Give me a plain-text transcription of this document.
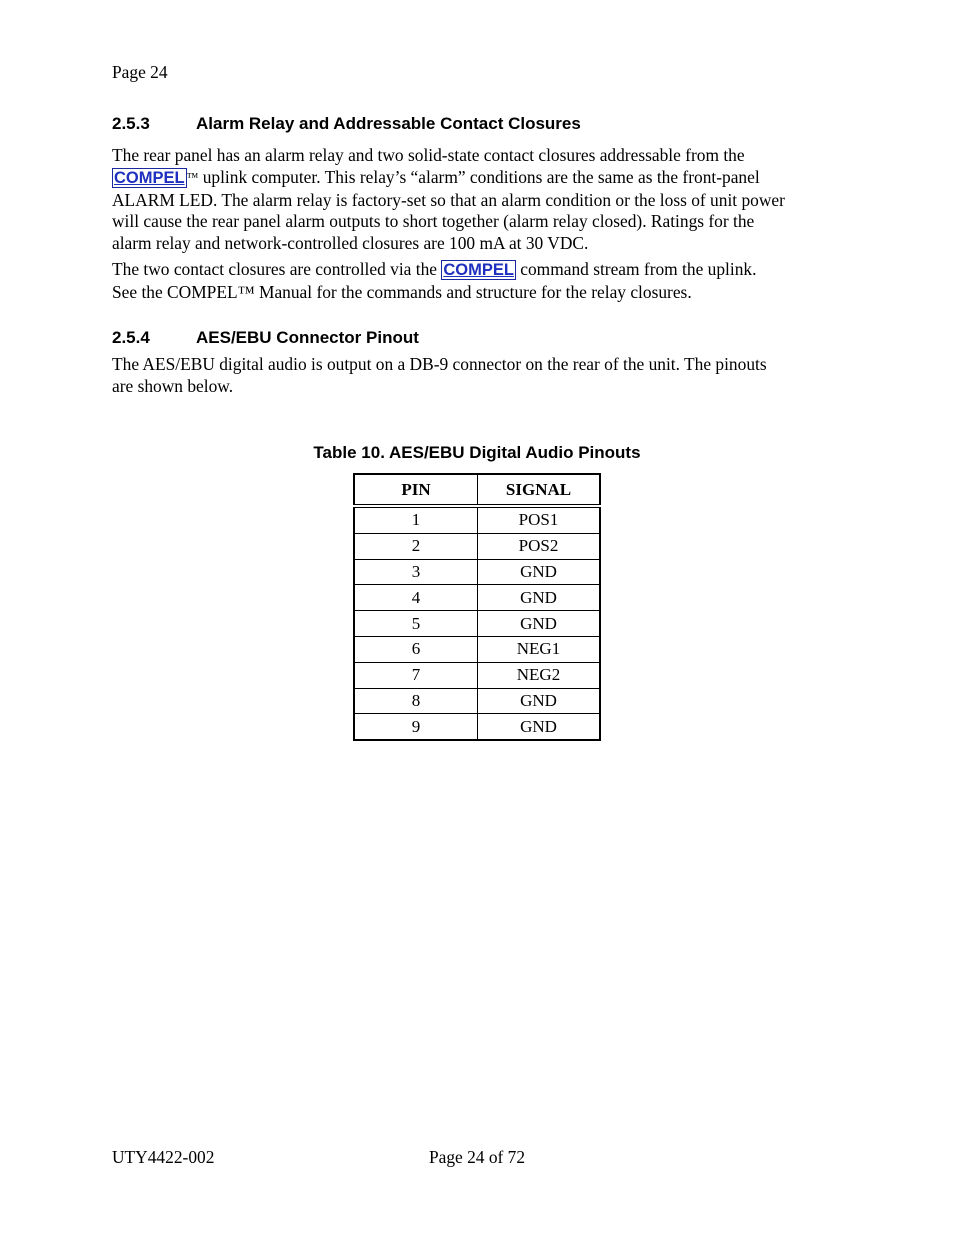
Page 24
2.5.3	Alarm Relay and Addressable Contact Closures
The rear panel has an alarm relay and two solid-state contact closures addressable from the
COMPEL ™ uplink computer. This relay’s “alarm” conditions are the same as the front-panel
ALARM LED. The alarm relay is factory-set so that an alarm condition or the loss of unit power
will cause the rear panel alarm outputs to short together (alarm relay closed). Ratings for the
alarm relay and network-controlled closures are 100 mA at 30 VDC.
The two contact closures are controlled via the COMPEL command stream from the uplink.
See the COMPEL™ Manual for the commands and structure for the relay closures.
2.5.4	AES/EBU Connector Pinout
The AES/EBU digital audio is output on a DB-9 connector on the rear of the unit. The pinouts
are shown below.
Table 10. AES/EBU Digital Audio Pinouts
PIN	SIGNAL
1	POS1
2	POS2
3	GND
4	GND
5	GND
6	NEG1
7	NEG2
8	GND
9	GND
UTY4422-002	Page 24 of 72
